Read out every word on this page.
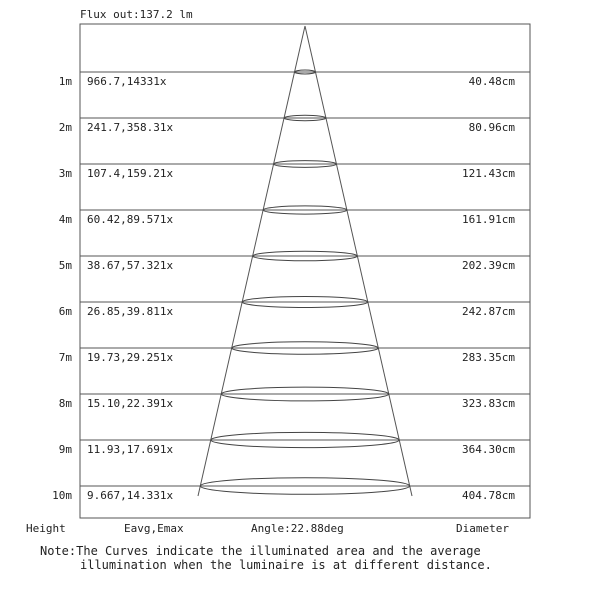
Flux out:137.2 lm
1m 966.7,14331x	40.48cm
2m 241.7,358.31x	80.96cm
3m 107.4,159.21x	121.43cm
4m 60.42,89.571x	161.91cm
5m 38.67,57.321x	202.39cm
6m 26.85,39.811x	242.87cm
7m 19.73,29.251x	283.35cm
8m 15.10,22.391x	323.83cm
9m 11.93,17.691x	364.30cm
10m 9.667,14.331x	404.78cm
Height	Eavg,Emax	Angle:22.88deg	Diameter
Note:The Curves indicate the illuminated area and the average
illumination when the luminaire is at different distance.
